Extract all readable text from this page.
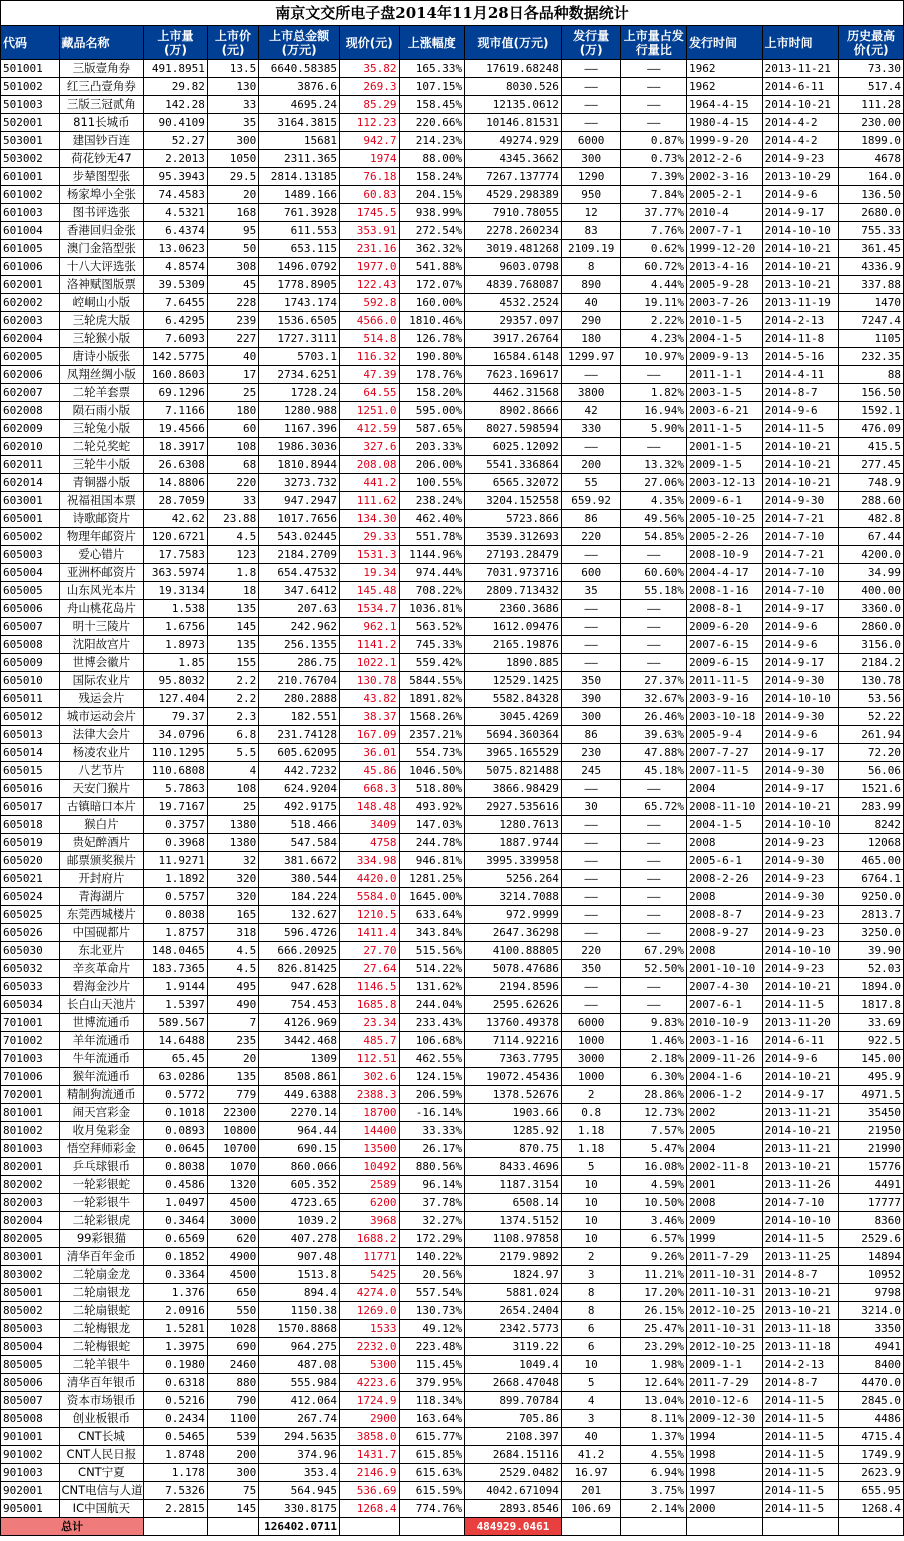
南京文交所电子盘2014年11月28日各品种数据统计
代码	藏品名称	上市量(万)	上市价(元)	上市总金额(万元)	现价(元)	上涨幅度	现市值(万元)	发行量(万)	上市量占发行量比	发行时间	上市时间	历史最高价(元)
501001	三版壹角券	491.8951	13.5	6640.58385	35.82	165.33%	17619.68248	——	——	1962	2013-11-21	73.30
501002	红三凸壹角券	29.82	130	3876.6	269.3	107.15%	8030.526	——	——	1962	2014-6-11	517.4
501003	三版三冠贰角	142.28	33	4695.24	85.29	158.45%	12135.0612	——	——	1964-4-15	2014-10-21	111.28
502001	811长城币	90.4109	35	3164.3815	112.23	220.66%	10146.81531	——	——	1980-4-15	2014-4-2	230.00
503001	建国钞百连	52.27	300	15681	942.7	214.23%	49274.929	6000	0.87%	1999-9-20	2014-4-2	1899.0
503002	荷花钞无47	2.2013	1050	2311.365	1974	88.00%	4345.3662	300	0.73%	2012-2-6	2014-9-23	4678
601001	步辇图型张	95.3943	29.5	2814.13185	76.18	158.24%	7267.137774	1290	7.39%	2002-3-16	2013-10-29	164.0
601002	杨家埠小全张	74.4583	20	1489.166	60.83	204.15%	4529.298389	950	7.84%	2005-2-1	2014-9-6	136.50
601003	图书评选张	4.5321	168	761.3928	1745.5	938.99%	7910.78055	12	37.77%	2010-4	2014-9-17	2680.0
601004	香港回归金张	6.4374	95	611.553	353.91	272.54%	2278.260234	83	7.76%	2007-7-1	2014-10-10	755.33
601005	澳门金箔型张	13.0623	50	653.115	231.16	362.32%	3019.481268	2109.19	0.62%	1999-12-20	2014-10-21	361.45
601006	十八大评选张	4.8574	308	1496.0792	1977.0	541.88%	9603.0798	8	60.72%	2013-4-16	2014-10-21	4336.9
602001	洛神赋图版票	39.5309	45	1778.8905	122.43	172.07%	4839.768087	890	4.44%	2005-9-28	2013-10-21	337.88
602002	崆峒山小版	7.6455	228	1743.174	592.8	160.00%	4532.2524	40	19.11%	2003-7-26	2013-11-19	1470
602003	三轮虎大版	6.4295	239	1536.6505	4566.0	1810.46%	29357.097	290	2.22%	2010-1-5	2014-2-13	7247.4
602004	三轮猴小版	7.6093	227	1727.3111	514.8	126.78%	3917.26764	180	4.23%	2004-1-5	2014-11-8	1105
602005	唐诗小版张	142.5775	40	5703.1	116.32	190.80%	16584.6148	1299.97	10.97%	2009-9-13	2014-5-16	232.35
602006	凤翔丝绸小版	160.8603	17	2734.6251	47.39	178.76%	7623.169617	——	——	2011-1-1	2014-4-11	88
602007	二轮羊套票	69.1296	25	1728.24	64.55	158.20%	4462.31568	3800	1.82%	2003-1-5	2014-8-7	156.50
602008	陨石雨小版	7.1166	180	1280.988	1251.0	595.00%	8902.8666	42	16.94%	2003-6-21	2014-9-6	1592.1
602009	三轮兔小版	19.4566	60	1167.396	412.59	587.65%	8027.598594	330	5.90%	2011-1-5	2014-11-5	476.09
602010	二轮兑奖蛇	18.3917	108	1986.3036	327.6	203.33%	6025.12092	——	——	2001-1-5	2014-10-21	415.5
602011	三轮牛小版	26.6308	68	1810.8944	208.08	206.00%	5541.336864	200	13.32%	2009-1-5	2014-10-21	277.45
602014	青铜器小版	14.8806	220	3273.732	441.2	100.55%	6565.32072	55	27.06%	2003-12-13	2014-10-21	748.9
603001	祝福祖国本票	28.7059	33	947.2947	111.62	238.24%	3204.152558	659.92	4.35%	2009-6-1	2014-9-30	288.60
605001	诗歌邮资片	42.62	23.88	1017.7656	134.30	462.40%	5723.866	86	49.56%	2005-10-25	2014-7-21	482.8
605002	物理年邮资片	120.6721	4.5	543.02445	29.33	551.78%	3539.312693	220	54.85%	2005-2-26	2014-7-10	67.44
605003	爱心错片	17.7583	123	2184.2709	1531.3	1144.96%	27193.28479	——	——	2008-10-9	2014-7-21	4200.0
605004	亚洲杯邮资片	363.5974	1.8	654.47532	19.34	974.44%	7031.973716	600	60.60%	2004-4-17	2014-7-10	34.99
605005	山东风光本片	19.3134	18	347.6412	145.48	708.22%	2809.713432	35	55.18%	2008-1-16	2014-7-10	400.00
605006	舟山桃花岛片	1.538	135	207.63	1534.7	1036.81%	2360.3686	——	——	2008-8-1	2014-9-17	3360.0
605007	明十三陵片	1.6756	145	242.962	962.1	563.52%	1612.09476	——	——	2009-6-20	2014-9-6	2860.0
605008	沈阳故宫片	1.8973	135	256.1355	1141.2	745.33%	2165.19876	——	——	2007-6-15	2014-9-6	3156.0
605009	世博会徽片	1.85	155	286.75	1022.1	559.42%	1890.885	——	——	2009-6-15	2014-9-17	2184.2
605010	国际农业片	95.8032	2.2	210.76704	130.78	5844.55%	12529.1425	350	27.37%	2011-11-5	2014-9-30	130.78
605011	残运会片	127.404	2.2	280.2888	43.82	1891.82%	5582.84328	390	32.67%	2003-9-16	2014-10-10	53.56
605012	城市运动会片	79.37	2.3	182.551	38.37	1568.26%	3045.4269	300	26.46%	2003-10-18	2014-9-30	52.22
605013	法律大会片	34.0796	6.8	231.74128	167.09	2357.21%	5694.360364	86	39.63%	2005-9-4	2014-9-6	261.94
605014	杨凌农业片	110.1295	5.5	605.62095	36.01	554.73%	3965.165529	230	47.88%	2007-7-27	2014-9-17	72.20
605015	八艺节片	110.6808	4	442.7232	45.86	1046.50%	5075.821488	245	45.18%	2007-11-5	2014-9-30	56.06
605016	天安门猴片	5.7863	108	624.9204	668.3	518.80%	3866.98429	——	——	2004	2014-9-17	1521.6
605017	古镇暗口本片	19.7167	25	492.9175	148.48	493.92%	2927.535616	30	65.72%	2008-11-10	2014-10-21	283.99
605018	猴白片	0.3757	1380	518.466	3409	147.03%	1280.7613	——	——	2004-1-5	2014-10-10	8242
605019	贵妃醉酒片	0.3968	1380	547.584	4758	244.78%	1887.9744	——	——	2008	2014-9-23	12068
605020	邮票颁奖猴片	11.9271	32	381.6672	334.98	946.81%	3995.339958	——	——	2005-6-1	2014-9-30	465.00
605021	开封府片	1.1892	320	380.544	4420.0	1281.25%	5256.264	——	——	2008-2-26	2014-9-23	6764.1
605024	青海湖片	0.5757	320	184.224	5584.0	1645.00%	3214.7088	——	——	2008	2014-9-30	9250.0
605025	东莞西城楼片	0.8038	165	132.627	1210.5	633.64%	972.9999	——	——	2008-8-7	2014-9-23	2813.7
605026	中国砚都片	1.8757	318	596.4726	1411.4	343.84%	2647.36298	——	——	2008-9-27	2014-9-23	3250.0
605030	东北亚片	148.0465	4.5	666.20925	27.70	515.56%	4100.88805	220	67.29%	2008	2014-10-10	39.90
605032	辛亥革命片	183.7365	4.5	826.81425	27.64	514.22%	5078.47686	350	52.50%	2001-10-10	2014-9-23	52.03
605033	碧海金沙片	1.9144	495	947.628	1146.5	131.62%	2194.8596	——	——	2007-4-30	2014-10-21	1894.0
605034	长白山天池片	1.5397	490	754.453	1685.8	244.04%	2595.62626	——	——	2007-6-1	2014-11-5	1817.8
701001	世博流通币	589.567	7	4126.969	23.34	233.43%	13760.49378	6000	9.83%	2010-10-9	2013-11-20	33.69
701002	羊年流通币	14.6488	235	3442.468	485.7	106.68%	7114.92216	1000	1.46%	2003-1-16	2014-6-11	922.5
701003	牛年流通币	65.45	20	1309	112.51	462.55%	7363.7795	3000	2.18%	2009-11-26	2014-9-6	145.00
701006	猴年流通币	63.0286	135	8508.861	302.6	124.15%	19072.45436	1000	6.30%	2004-1-6	2014-10-21	495.9
702001	精制狗流通币	0.5772	779	449.6388	2388.3	206.59%	1378.52676	2	28.86%	2006-1-2	2014-9-17	4971.5
801001	闹天宫彩金	0.1018	22300	2270.14	18700	-16.14%	1903.66	0.8	12.73%	2002	2013-11-21	35450
801002	收月兔彩金	0.0893	10800	964.44	14400	33.33%	1285.92	1.18	7.57%	2005	2014-10-21	21950
801003	悟空拜师彩金	0.0645	10700	690.15	13500	26.17%	870.75	1.18	5.47%	2004	2013-11-21	21990
802001	乒乓球银币	0.8038	1070	860.066	10492	880.56%	8433.4696	5	16.08%	2002-11-8	2013-10-21	15776
802002	一轮彩银蛇	0.4586	1320	605.352	2589	96.14%	1187.3154	10	4.59%	2001	2013-11-26	4491
802003	一轮彩银牛	1.0497	4500	4723.65	6200	37.78%	6508.14	10	10.50%	2008	2014-7-10	17777
802004	二轮彩银虎	0.3464	3000	1039.2	3968	32.27%	1374.5152	10	3.46%	2009	2014-10-10	8360
802005	99彩银猫	0.6569	620	407.278	1688.2	172.29%	1108.97858	10	6.57%	1999	2014-11-5	2529.6
803001	清华百年金币	0.1852	4900	907.48	11771	140.22%	2179.9892	2	9.26%	2011-7-29	2013-11-25	14894
803002	二轮扇金龙	0.3364	4500	1513.8	5425	20.56%	1824.97	3	11.21%	2011-10-31	2014-8-7	10952
805001	二轮扇银龙	1.376	650	894.4	4274.0	557.54%	5881.024	8	17.20%	2011-10-31	2013-10-21	9798
805002	二轮扇银蛇	2.0916	550	1150.38	1269.0	130.73%	2654.2404	8	26.15%	2012-10-25	2013-10-21	3214.0
805003	二轮梅银龙	1.5281	1028	1570.8868	1533	49.12%	2342.5773	6	25.47%	2011-10-31	2013-11-18	3350
805004	二轮梅银蛇	1.3975	690	964.275	2232.0	223.48%	3119.22	6	23.29%	2012-10-25	2013-11-18	4941
805005	二轮羊银牛	0.1980	2460	487.08	5300	115.45%	1049.4	10	1.98%	2009-1-1	2014-2-13	8400
805006	清华百年银币	0.6318	880	555.984	4223.6	379.95%	2668.47048	5	12.64%	2011-7-29	2014-8-7	4470.0
805007	资本市场银币	0.5216	790	412.064	1724.9	118.34%	899.70784	4	13.04%	2010-12-6	2014-11-5	2845.0
805008	创业板银币	0.2434	1100	267.74	2900	163.64%	705.86	3	8.11%	2009-12-30	2014-11-5	4486
901001	CNT长城	0.5465	539	294.5635	3858.0	615.77%	2108.397	40	1.37%	1994	2014-11-5	4715.4
901002	CNT人民日报	1.8748	200	374.96	1431.7	615.85%	2684.15116	41.2	4.55%	1998	2014-11-5	1749.9
901003	CNT宁夏	1.178	300	353.4	2146.9	615.63%	2529.0482	16.97	6.94%	1998	2014-11-5	2623.9
902001	CNT电信与人道	7.5326	75	564.945	536.69	615.59%	4042.671094	201	3.75%	1997	2014-11-5	655.95
905001	IC中国航天	2.2815	145	330.8175	1268.4	774.76%	2893.8546	106.69	2.14%	2000	2014-11-5	1268.4
总计				126402.0711			484929.0461					
